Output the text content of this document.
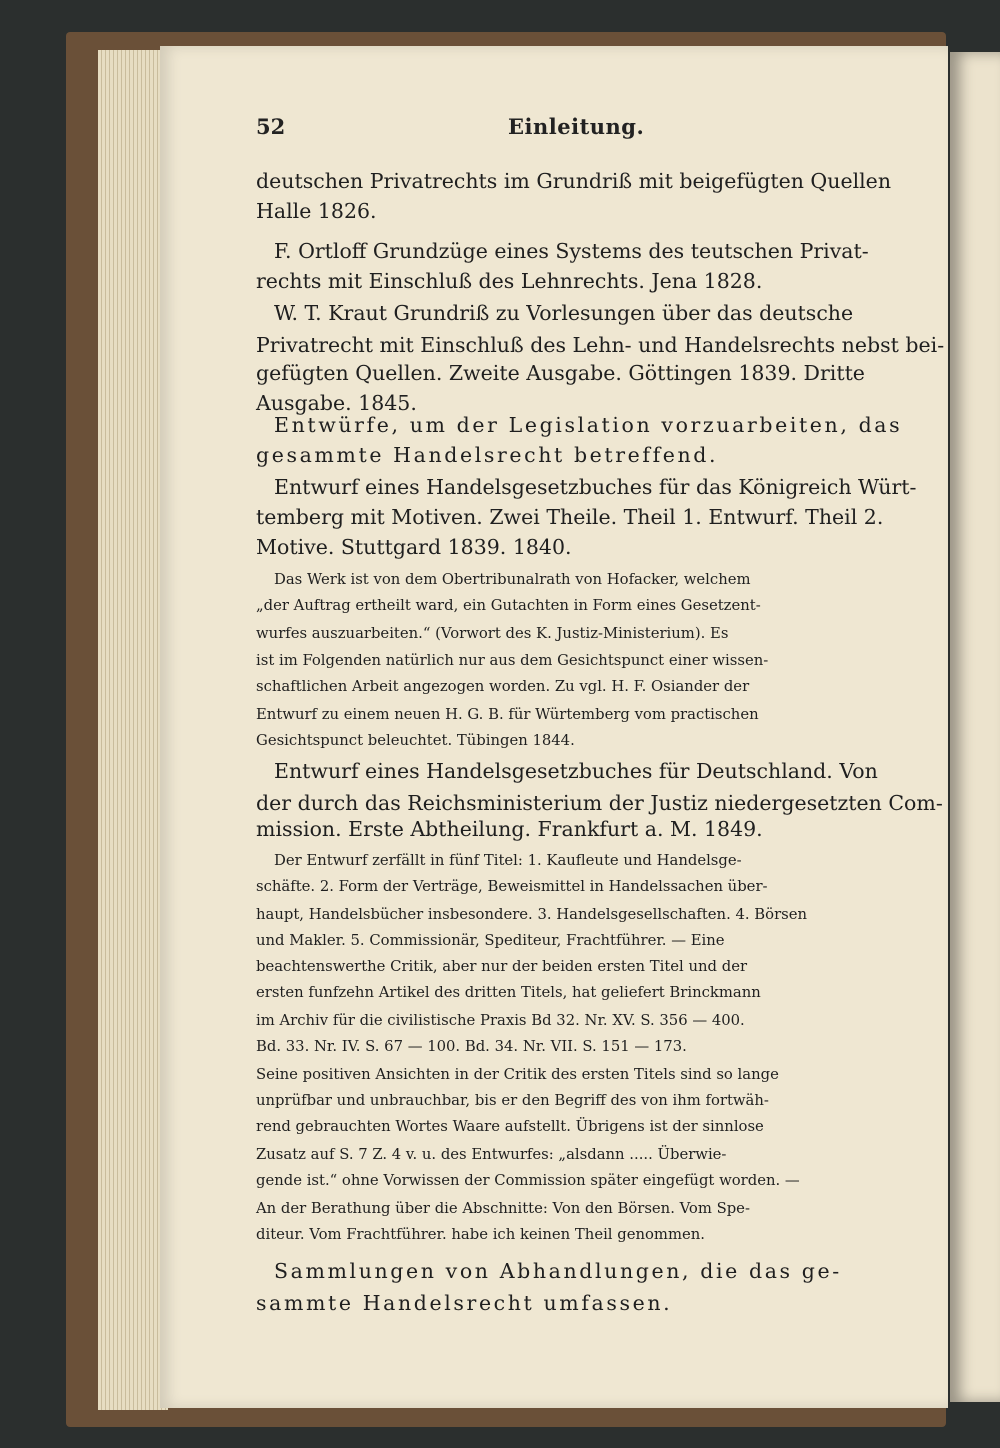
52	Einleitung.
deutschen Privatrechts im Grundriß mit beigefügten Quellen
Halle 1826.
F. Ortloff Grundzüge eines Systems des teutschen Privat-
rechts mit Einschluß des Lehnrechts. Jena 1828.
W. T. Kraut Grundriß zu Vorlesungen über das deutsche
Privatrecht mit Einschluß des Lehn- und Handelsrechts nebst bei-
gefügten Quellen. Zweite Ausgabe. Göttingen 1839. Dritte
Ausgabe. 1845.
Entwürfe, um der Legislation vorzuarbeiten, das
gesammte Handelsrecht betreffend.
Entwurf eines Handelsgesetzbuches für das Königreich Würt-
temberg mit Motiven. Zwei Theile. Theil 1. Entwurf. Theil 2.
Motive. Stuttgard 1839. 1840.
Das Werk ist von dem Obertribunalrath von Hofacker, welchem
„der Auftrag ertheilt ward, ein Gutachten in Form eines Gesetzent-
wurfes auszuarbeiten.“ (Vorwort des K. Justiz-Ministerium). Es
ist im Folgenden natürlich nur aus dem Gesichtspunct einer wissen-
schaftlichen Arbeit angezogen worden. Zu vgl. H. F. Osiander der
Entwurf zu einem neuen H. G. B. für Würtemberg vom practischen
Gesichtspunct beleuchtet. Tübingen 1844.
Entwurf eines Handelsgesetzbuches für Deutschland. Von
der durch das Reichsministerium der Justiz niedergesetzten Com-
mission. Erste Abtheilung. Frankfurt a. M. 1849.
Der Entwurf zerfällt in fünf Titel: 1. Kaufleute und Handelsge-
schäfte. 2. Form der Verträge, Beweismittel in Handelssachen über-
haupt, Handelsbücher insbesondere. 3. Handelsgesellschaften. 4. Börsen
und Makler. 5. Commissionär, Spediteur, Frachtführer. — Eine
beachtenswerthe Critik, aber nur der beiden ersten Titel und der
ersten funfzehn Artikel des dritten Titels, hat geliefert Brinckmann
im Archiv für die civilistische Praxis Bd 32. Nr. XV. S. 356 — 400.
Bd. 33. Nr. IV. S. 67 — 100. Bd. 34. Nr. VII. S. 151 — 173.
Seine positiven Ansichten in der Critik des ersten Titels sind so lange
unprüfbar und unbrauchbar, bis er den Begriff des von ihm fortwäh-
rend gebrauchten Wortes Waare aufstellt. Übrigens ist der sinnlose
Zusatz auf S. 7 Z. 4 v. u. des Entwurfes: „alsdann ..... Überwie-
gende ist.“ ohne Vorwissen der Commission später eingefügt worden. —
An der Berathung über die Abschnitte: Von den Börsen. Vom Spe-
diteur. Vom Frachtführer. habe ich keinen Theil genommen.
Sammlungen von Abhandlungen, die das ge-
sammte Handelsrecht umfassen.
